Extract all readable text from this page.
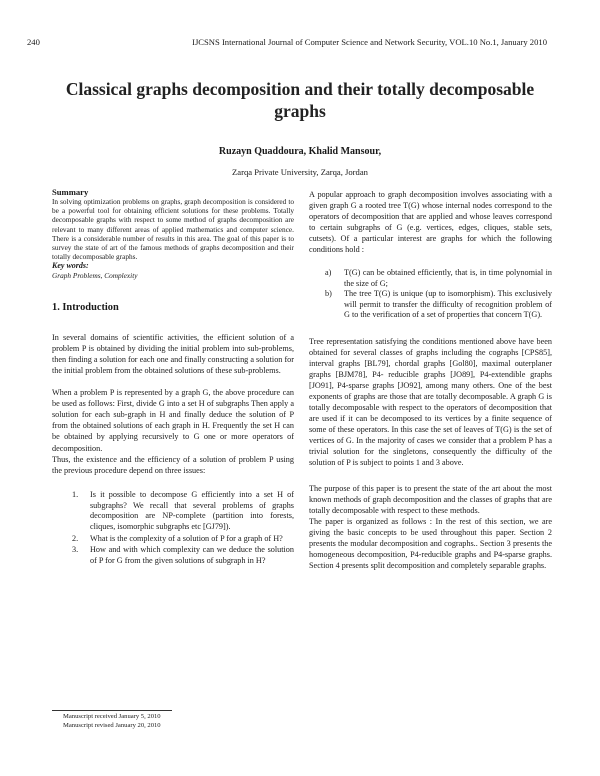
240	IJCSNS International Journal of Computer Science and Network Security, VOL.10 No.1, January 2010
Classical graphs decomposition and their totally decomposable graphs
Ruzayn Quaddoura, Khalid Mansour,
Zarqa Private University, Zarqa, Jordan
Summary
In solving optimization problems on graphs, graph decomposition is considered to be a powerful tool for obtaining efficient solutions for these problems. Totally decomposable graphs with respect to some method of graphs decomposition are relevant to many different areas of applied mathematics and computer science. There is a considerable number of results in this area. The goal of this paper is to survey the state of art of the famous methods of graphs decomposition and their totally decomposable graphs.
Key words:
Graph Problems, Complexity
1. Introduction
In several domains of scientific activities, the efficient solution of a problem P is obtained by dividing the initial problem into sub-problems, then finding a solution for each one and finally constructing a solution for the initial problem from the obtained solutions of these sub-problems.
When a problem P is represented by a graph G, the above procedure can be used as follows: First, divide G into a set H of subgraphs Then apply a solution for each sub-graph in H and finally deduce the solution of P from the obtained solutions of each graph in H. Frequently the set H can be obtained by applying recursively to G one or more operators of decomposition.
Thus, the existence and the efficiency of a solution of problem P using the previous procedure depend on three issues:
1. Is it possible to decompose G efficiently into a set H of subgraphs? We recall that several problems of graphs decomposition are NP-complete (partition into forests, cliques, isomorphic subgraphs etc [GJ79]).
2. What is the complexity of a solution of P for a graph of H?
3. How and with which complexity can we deduce the solution of P for G from the given solutions of subgraph in H?
A popular approach to graph decomposition involves associating with a given graph G a rooted tree T(G) whose internal nodes correspond to the operators of decomposition that are applied and whose leaves correspond to certain subgraphs of G (e.g. vertices, edges, cliques, stable sets, cutsets). Of a particular interest are graphs for which the following conditions hold :
a) T(G) can be obtained efficiently, that is, in time polynomial in the size of G;
b) The tree T(G) is unique (up to isomorphism). This exclusively will permit to transfer the difficulty of recognition problem of G to the verification of a set of properties that concern T(G).
Tree representation satisfying the conditions mentioned above have been obtained for several classes of graphs including the cographs [CPS85], interval graphs [BL79], chordal graphs [Gol80], maximal outerplaner graphs [BJM78], P4- reducible graphs [JO89], P4-extendible graphs [JO91], P4-sparse graphs [JO92], among many others. One of the best exponents of graphs are those that are totally decomposable. A graph G is totally decomposable with respect to the operators of decomposition that are used if it can be decomposed to its vertices by a finite sequence of some of these operators. In this case the set of leaves of T(G) is the set of vertices of G. In the majority of cases we consider that a problem P has a trivial solution for the singletons, consequently the difficulty of the solution of P is subject to points 1 and 3 above.
The purpose of this paper is to present the state of the art about the most known methods of graph decomposition and the classes of graphs that are totally decomposable with respect to these methods.
The paper is organized as follows : In the rest of this section, we are giving the basic concepts to be used throughout this paper. Section 2 presents the modular decomposition and cographs.. Section 3 presents the homogeneous decomposition, P4-reducible graphs and P4-sparse graphs. Section 4 presents split decomposition and completely separable graphs.
Manuscript received January 5, 2010
Manuscript revised January 20, 2010
